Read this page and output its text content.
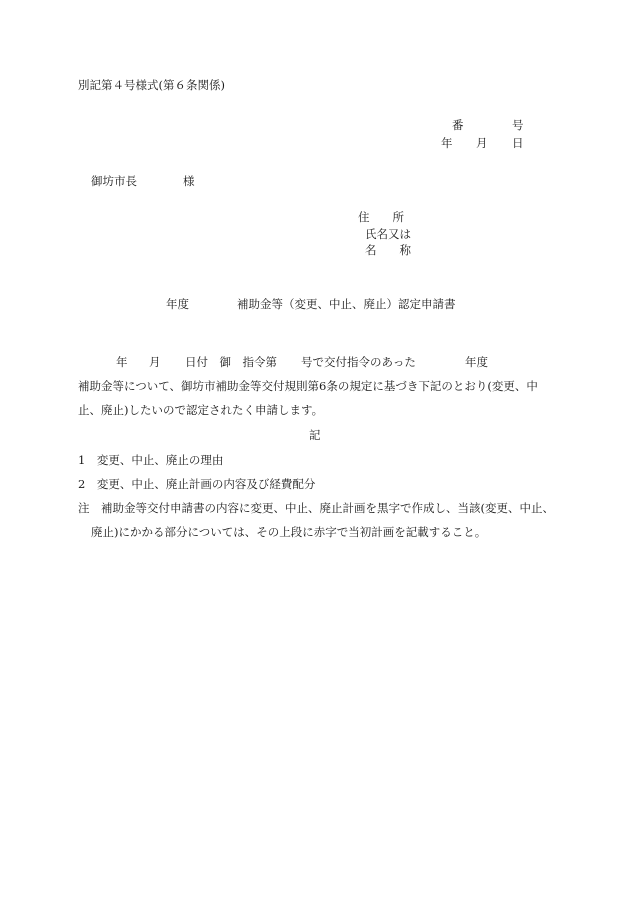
別記第４号様式(第６条関係)
番	号
年 月 日
御坊市長	様
住　　所
氏名又は
名　　称
年度	補助金等（変更、中止、廃止）認定申請書
年 月 日付　御　指令第 号で交付指令のあった	年度
補助金等について、御坊市補助金等交付規則第6条の規定に基づき下記のとおり(変更、中
止、廃止)したいので認定されたく申請します。
記
1　変更、中止、廃止の理由
2　変更、中止、廃止計画の内容及び経費配分
注　補助金等交付申請書の内容に変更、中止、廃止計画を黒字で作成し、当該(変更、中止、
廃止)にかかる部分については、その上段に赤字で当初計画を記載すること。
